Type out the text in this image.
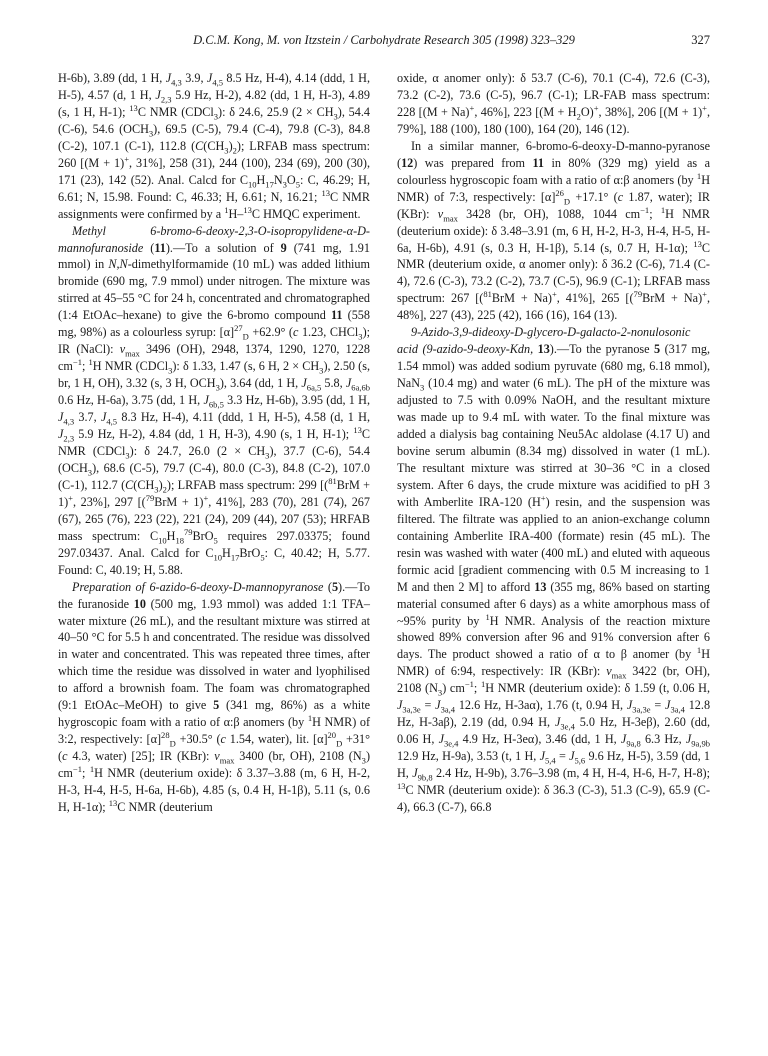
D.C.M. Kong, M. von Itzstein / Carbohydrate Research 305 (1998) 323–329	327

H-6b), 3.89 (dd, 1 H, $J_{4,3}$ 3.9, $J_{4,5}$ 8.5 Hz, H-4), 4.14 (ddd, 1 H, H-5), 4.57 (d, 1 H, $J_{2,3}$ 5.9 Hz, H-2), 4.82 (dd, 1 H, H-3), 4.89 (s, 1 H, H-1); $^{13}$C NMR (CDCl$_3$): δ 24.6, 25.9 $(2 \times CH_3)$, 54.4 (C-6), 54.6 $(OCH_3)$, 69.5 (C-5), 79.4 (C-4), 79.8 (C-3), 84.8 (C-2), 107.1 (C-1), 112.8 $(C(CH_3)_2)$; LRFAB mass spectrum: 260 [(M + 1)+, 31%], 258 (31), 244 (100), 234 (69), 200 (30), 171 (23), 142 (52). Anal. Calcd for $C_{10}H_{17}N_3O_5$: C, 46.29; H, 6.61; N, 15.98. Found: C, 46.33; H, 6.61; N, 16.21; $^{13}$C NMR assignments were confirmed by a $^1$H–$^{13}$C HMQC experiment.

Methyl 6-bromo-6-deoxy-2,3-O-isopropylidene-α-D-mannofuranoside (11).—To a solution of 9 (741 mg, 1.91 mmol) in N,N-dimethylformamide (10 mL) was added lithium bromide (690 mg, 7.9 mmol) under nitrogen. The mixture was stirred at 45–55 °C for 24 h, concentrated and chromatographed (1:4 EtOAc–hexane) to give the 6-bromo compound 11 (558 mg, 98%) as a colourless syrup: $[\alpha]^{27}_D +62.9^\circ$ (c 1.23, CHCl$_3$); IR (NaCl): $\nu_{max}$ 3496 (OH), 2948, 1374, 1290, 1270, 1228 $cm^{-1}$; $^1$H NMR (CDCl$_3$): δ 1.33, 1.47 (s, 6 H, $2 \times CH_3$), 2.50 (s, br, 1 H, OH), 3.32 (s, 3 H, $OCH_3$), 3.64 (dd, 1 H, $J_{6a,5}$ 5.8, $J_{6a,6b}$ 0.6 Hz, H-6a), 3.75 (dd, 1 H, $J_{6b,5}$ 3.3 Hz, H-6b), 3.95 (dd, 1 H, $J_{4,3}$ 3.7, $J_{4,5}$ 8.3 Hz, H-4), 4.11 (ddd, 1 H, H-5), 4.58 (d, 1 H, $J_{2,3}$ 5.9 Hz, H-2), 4.84 (dd, 1 H, H-3), 4.90 (s, 1 H, H-1); $^{13}$C NMR (CDCl$_3$): δ 24.7, 26.0 $(2 \times CH_3)$, 37.7 (C-6), 54.4 $(OCH_3)$, 68.6 (C-5), 79.7 (C-4), 80.0 (C-3), 84.8 (C-2), 107.0 (C-1), 112.7 $(C(CH_3)_2)$; LRFAB mass spectrum: 299 [($^{81}$BrM + 1)+, 23%], 297 [($^{79}$BrM + 1)+, 41%], 283 (70), 281 (74), 267 (67), 265 (76), 223 (22), 221 (24), 209 (44), 207 (53); HRFAB mass spectrum: $C_{10}H_{18}^{79}BrO_5$ requires 297.03375; found 297.03437. Anal. Calcd for $C_{10}H_{17}BrO_5$: C, 40.42; H, 5.77. Found: C, 40.19; H, 5.88.

Preparation of 6-azido-6-deoxy-D-mannopyranose (5).—To the furanoside 10 (500 mg, 1.93 mmol) was added 1:1 TFA–water mixture (26 mL), and the resultant mixture was stirred at 40–50 °C for 5.5 h and concentrated. The residue was dissolved in water and concentrated. This was repeated three times, after which time the residue was dissolved in water and lyophilised to afford a brownish foam. The foam was chromatographed (9:1 EtOAc–MeOH) to give 5 (341 mg, 86%) as a white hygroscopic foam with a ratio of α:β anomers (by $^1$H NMR) of 3:2, respectively: $[\alpha]^{28}_D +30.5^\circ$ (c 1.54, water), lit. $[\alpha]^{20}_D +31^\circ$ (c 4.3, water) [25]; IR (KBr): $\nu_{max}$ 3400 (br, OH), 2108 $(N_3)$ $cm^{-1}$; $^1$H NMR (deuterium oxide): δ 3.37–3.88 (m, 6 H, H-2, H-3, H-4, H-5, H-6a, H-6b), 4.85 (s, 0.4 H, H-1β), 5.11 (s, 0.6 H, H-1α); $^{13}$C NMR (deuterium

oxide, α anomer only): δ 53.7 (C-6), 70.1 (C-4), 72.6 (C-3), 73.2 (C-2), 73.6 (C-5), 96.7 (C-1); LR-FAB mass spectrum: 228 [(M + Na)+, 46%], 223 [$(M + H_2O)^+$, 38%], 206 [(M + 1)+, 79%], 188 (100), 180 (100), 164 (20), 146 (12).

In a similar manner, 6-bromo-6-deoxy-D-manno-pyranose (12) was prepared from 11 in 80% (329 mg) yield as a colourless hygroscopic foam with a ratio of α:β anomers (by $^1$H NMR) of 7:3, respectively: $[\alpha]^{26}_D +17.1^\circ$ (c 1.87, water); IR (KBr): $\nu_{max}$ 3428 (br, OH), 1088, 1044 $cm^{-1}$; $^1$H NMR (deuterium oxide): δ 3.48–3.91 (m, 6 H, H-2, H-3, H-4, H-5, H-6a, H-6b), 4.91 (s, 0.3 H, H-1β), 5.14 (s, 0.7 H, H-1α); $^{13}$C NMR (deuterium oxide, α anomer only): δ 36.2 (C-6), 71.4 (C-4), 72.6 (C-3), 73.2 (C-2), 73.7 (C-5), 96.9 (C-1); LRFAB mass spectrum: 267 [($^{81}$BrM + Na)+, 41%], 265 [($^{79}$BrM + Na)+, 48%], 227 (43), 225 (42), 166 (16), 164 (13).

9-Azido-3,9-dideoxy-D-glycero-D-galacto-2-nonulosonic acid (9-azido-9-deoxy-Kdn, 13).—To the pyranose 5 (317 mg, 1.54 mmol) was added sodium pyruvate (680 mg, 6.18 mmol), NaN$_3$ (10.4 mg) and water (6 mL). The pH of the mixture was adjusted to 7.5 with 0.09% NaOH, and the resultant mixture was made up to 9.4 mL with water. To the final mixture was added a dialysis bag containing Neu5Ac aldolase (4.17 U) and bovine serum albumin (8.34 mg) dissolved in water (1 mL). The resultant mixture was stirred at 30–36 °C in a closed system. After 6 days, the crude mixture was acidified to pH 3 with Amberlite IRA-120 (H+) resin, and the suspension was filtered. The filtrate was applied to an anion-exchange column containing Amberlite IRA-400 (formate) resin (45 mL). The resin was washed with water (400 mL) and eluted with aqueous formic acid [gradient commencing with 0.5 M increasing to 1 M and then 2 M] to afford 13 (355 mg, 86% based on starting material consumed after 6 days) as a white amorphous mass of ~95% purity by $^1$H NMR. Analysis of the reaction mixture showed 89% conversion after 96 and 91% conversion after 6 days. The product showed a ratio of α to β anomer (by $^1$H NMR) of 6:94, respectively: IR (KBr): $\nu_{max}$ 3422 (br, OH), 2108 $(N_3)$ $cm^{-1}$; $^1$H NMR (deuterium oxide): δ 1.59 (t, 0.06 H, $J_{3a,3e} = J_{3a,4}$ 12.6 Hz, H-3aα), 1.76 (t, 0.94 H, $J_{3a,3e} = J_{3a,4}$ 12.8 Hz, H-3aβ), 2.19 (dd, 0.94 H, $J_{3e,4}$ 5.0 Hz, H-3eβ), 2.60 (dd, 0.06 H, $J_{3e,4}$ 4.9 Hz, H-3eα), 3.46 (dd, 1 H, $J_{9a,8}$ 6.3 Hz, $J_{9a,9b}$ 12.9 Hz, H-9a), 3.53 (t, 1 H, $J_{5,4} = J_{5,6}$ 9.6 Hz, H-5), 3.59 (dd, 1 H, $J_{9b,8}$ 2.4 Hz, H-9b), 3.76–3.98 (m, 4 H, H-4, H-6, H-7, H-8); $^{13}$C NMR (deuterium oxide): δ 36.3 (C-3), 51.3 (C-9), 65.9 (C-4), 66.3 (C-7), 66.8
